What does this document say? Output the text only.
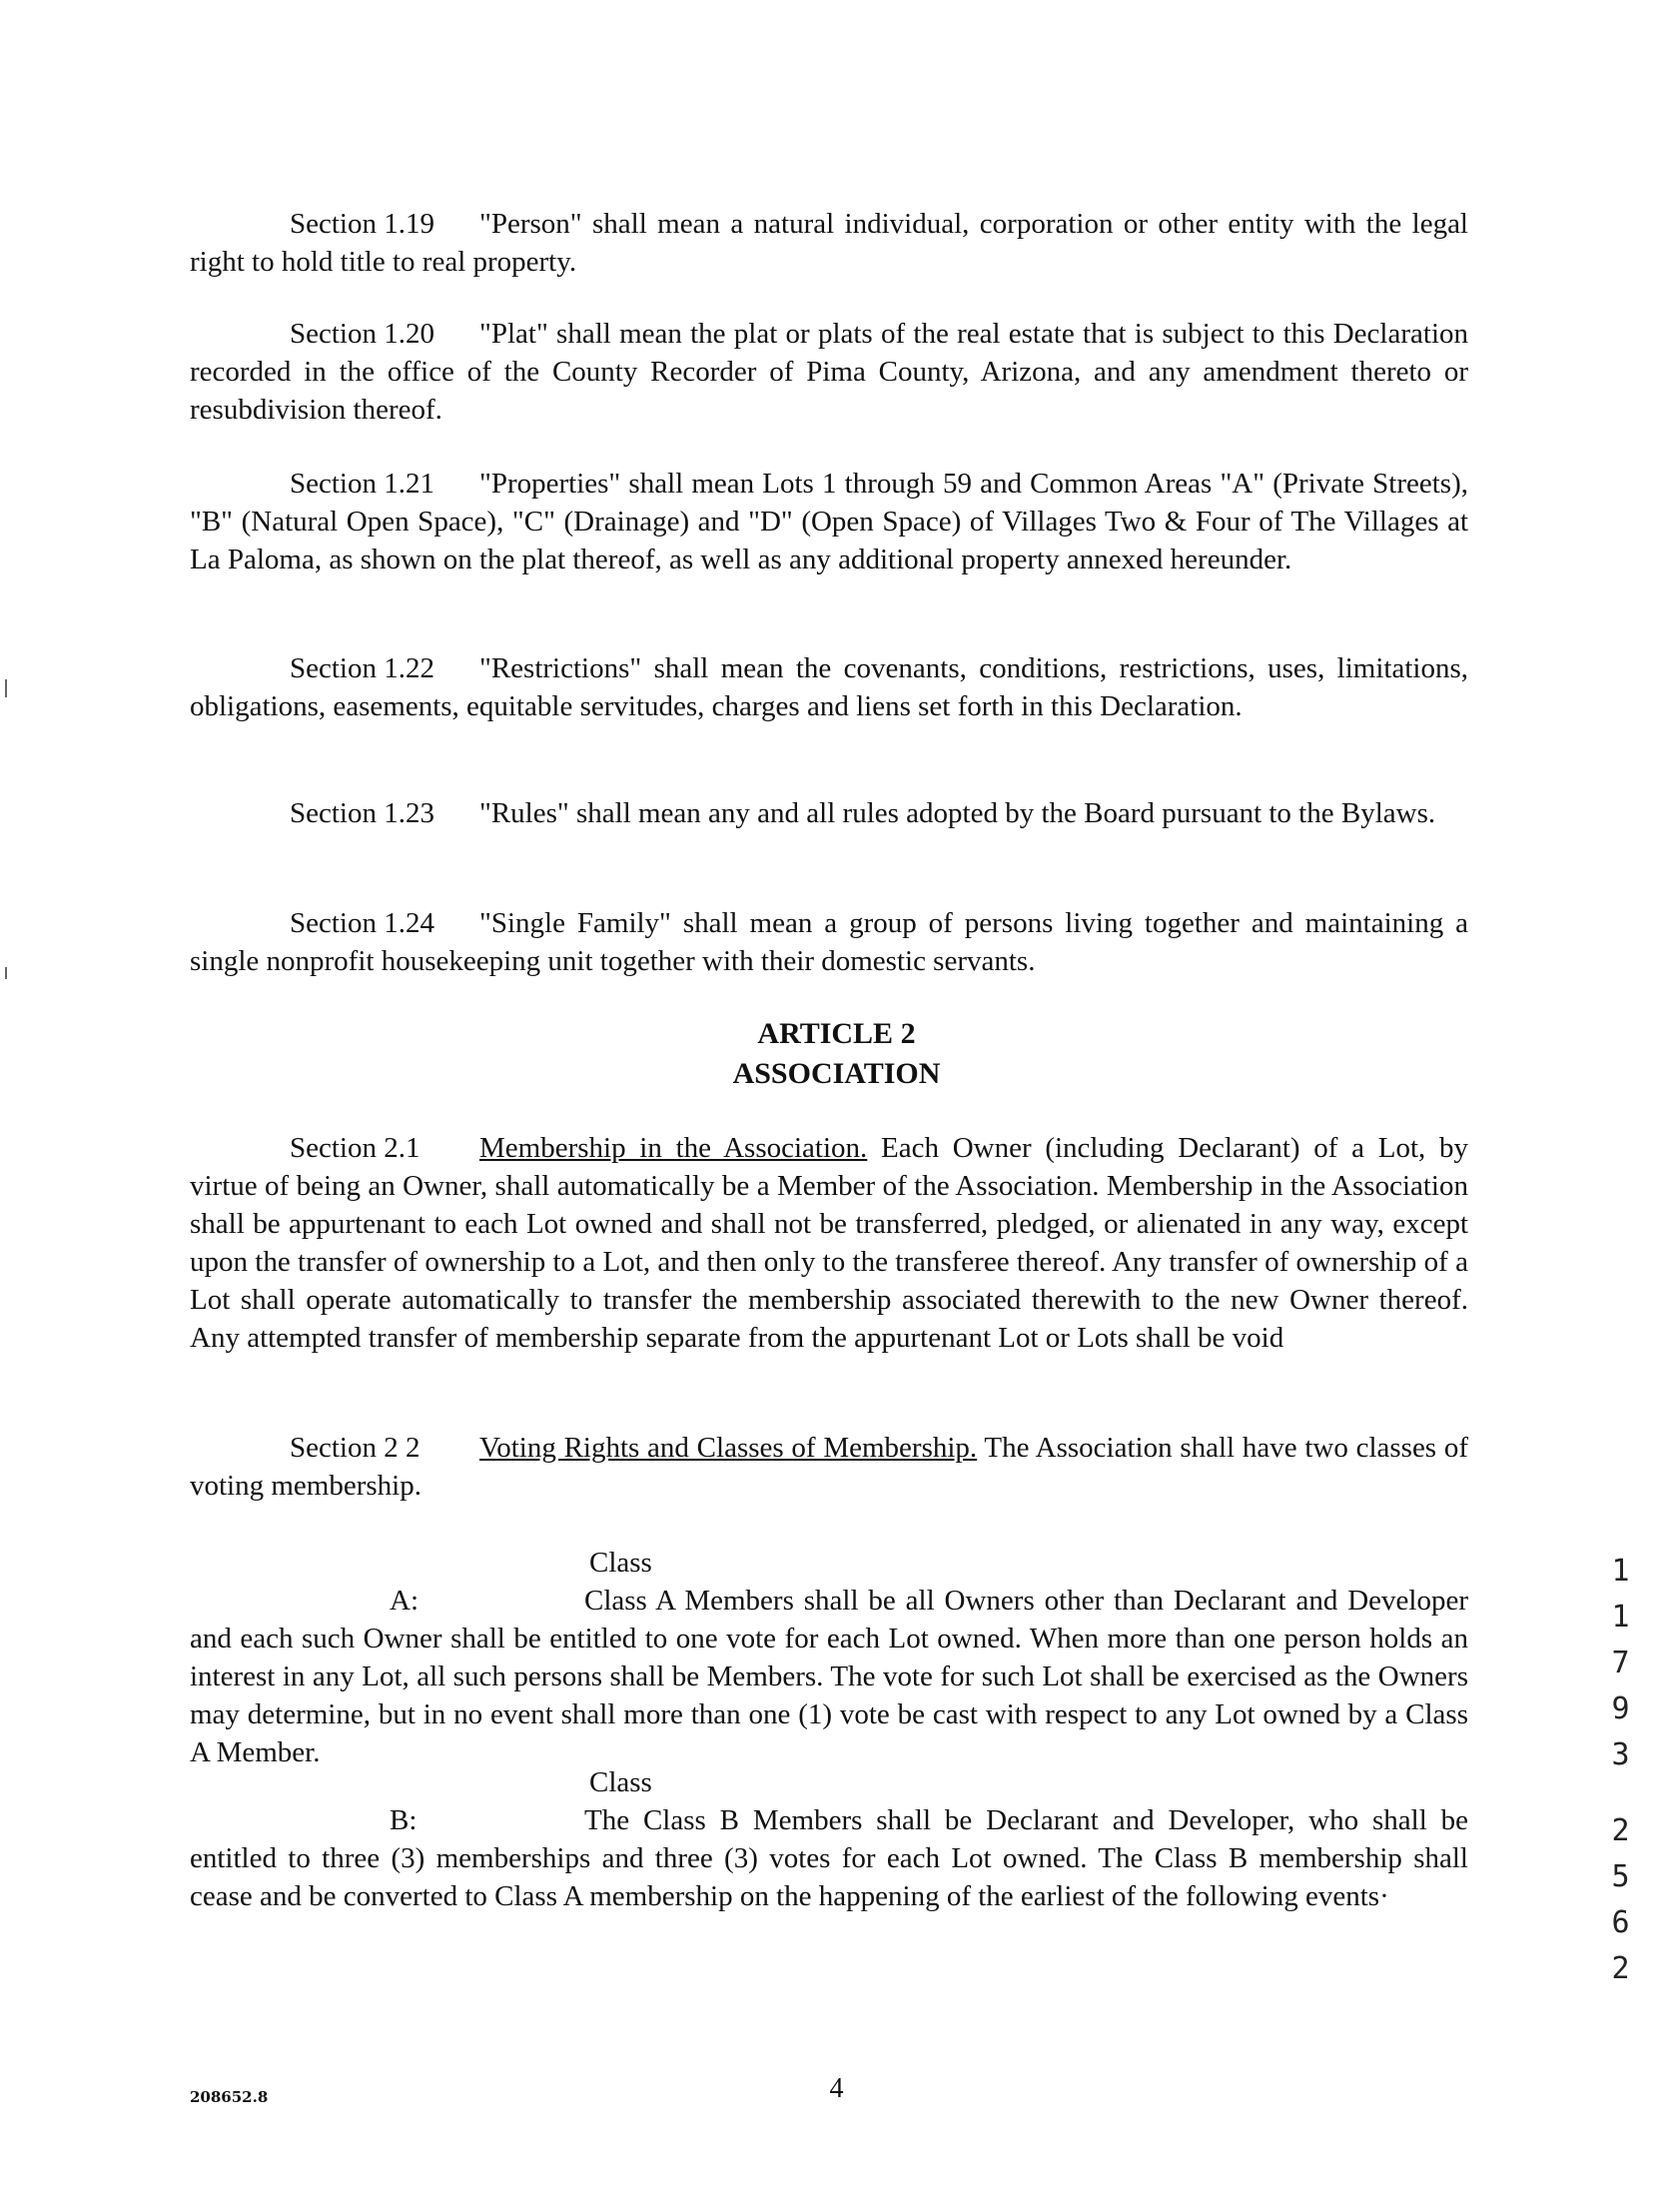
Section 1.19 "Person" shall mean a natural individual, corporation or other entity with the legal right to hold title to real property.

Section 1.20 "Plat" shall mean the plat or plats of the real estate that is subject to this Declaration recorded in the office of the County Recorder of Pima County, Arizona, and any amendment thereto or resubdivision thereof.

Section 1.21 "Properties" shall mean Lots 1 through 59 and Common Areas "A" (Private Streets), "B" (Natural Open Space), "C" (Drainage) and "D" (Open Space) of Villages Two & Four of The Villages at La Paloma, as shown on the plat thereof, as well as any additional property annexed hereunder.

Section 1.22 "Restrictions" shall mean the covenants, conditions, restrictions, uses, limitations, obligations, easements, equitable servitudes, charges and liens set forth in this Declaration.

Section 1.23 "Rules" shall mean any and all rules adopted by the Board pursuant to the Bylaws.

Section 1.24 "Single Family" shall mean a group of persons living together and maintaining a single nonprofit housekeeping unit together with their domestic servants.

ARTICLE 2

ASSOCIATION

Section 2.1 Membership in the Association. Each Owner (including Declarant) of a Lot, by virtue of being an Owner, shall automatically be a Member of the Association. Membership in the Association shall be appurtenant to each Lot owned and shall not be transferred, pledged, or alienated in any way, except upon the transfer of ownership to a Lot, and then only to the transferee thereof. Any transfer of ownership of a Lot shall operate automatically to transfer the membership associated therewith to the new Owner thereof. Any attempted transfer of membership separate from the appurtenant Lot or Lots shall be void

Section 2 2 Voting Rights and Classes of Membership. The Association shall have two classes of voting membership.

Class A:	Class A Members shall be all Owners other than Declarant and Developer and each such Owner shall be entitled to one vote for each Lot owned. When more than one person holds an interest in any Lot, all such persons shall be Members. The vote for such Lot shall be exercised as the Owners may determine, but in no event shall more than one (1) vote be cast with respect to any Lot owned by a Class A Member.

Class B:	The Class B Members shall be Declarant and Developer, who shall be entitled to three (3) memberships and three (3) votes for each Lot owned. The Class B membership shall cease and be converted to Class A membership on the happening of the earliest of the following events·

1
1
7
9
3
2
5
6
2
208652.8	4
